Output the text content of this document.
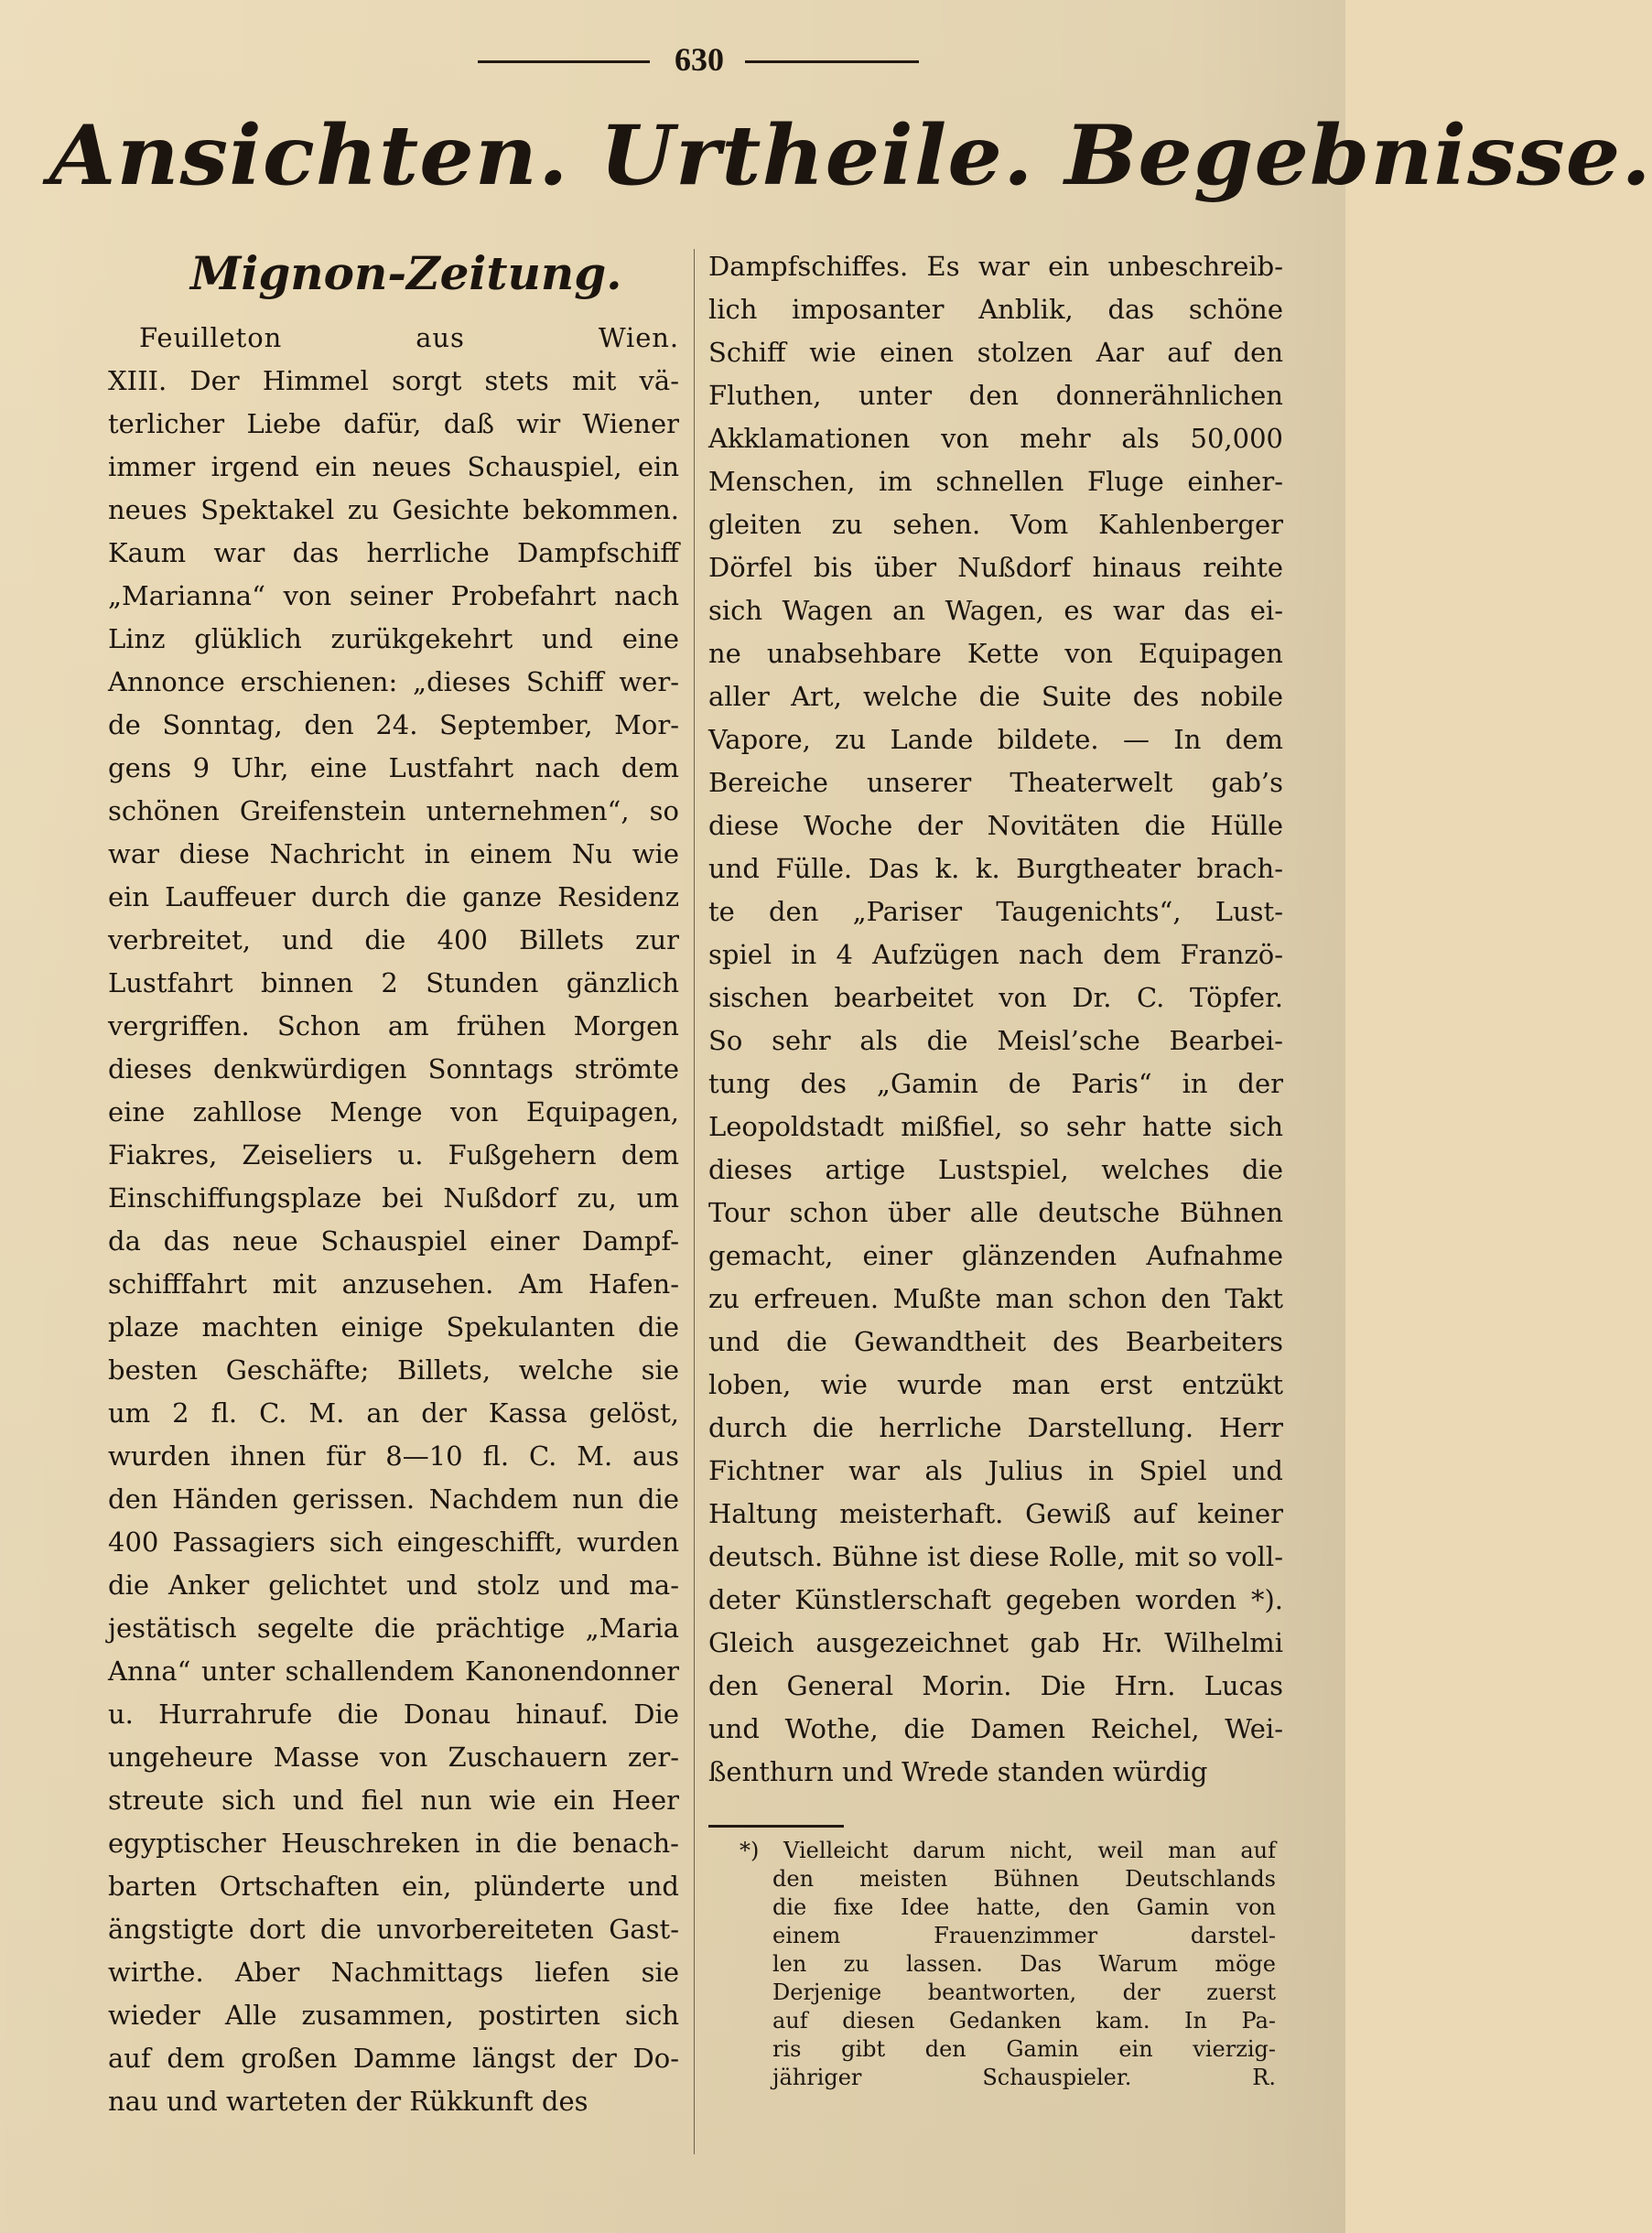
630
Ansichten. Urtheile. Begebnisse.
Mignon-Zeitung.
Feuilleton aus Wien.
XIII. Der Himmel sorgt stets mit vä-
terlicher Liebe dafür, daß wir Wiener
immer irgend ein neues Schauspiel, ein
neues Spektakel zu Gesichte bekommen.
Kaum war das herrliche Dampfschiff
„Marianna“ von seiner Probefahrt nach
Linz glüklich zurükgekehrt und eine
Annonce erschienen: „dieses Schiff wer-
de Sonntag, den 24. September, Mor-
gens 9 Uhr, eine Lustfahrt nach dem
schönen Greifenstein unternehmen“, so
war diese Nachricht in einem Nu wie
ein Lauffeuer durch die ganze Residenz
verbreitet, und die 400 Billets zur
Lustfahrt binnen 2 Stunden gänzlich
vergriffen. Schon am frühen Morgen
dieses denkwürdigen Sonntags strömte
eine zahllose Menge von Equipagen,
Fiakres, Zeiseliers u. Fußgehern dem
Einschiffungsplaze bei Nußdorf zu, um
da das neue Schauspiel einer Dampf-
schifffahrt mit anzusehen. Am Hafen-
plaze machten einige Spekulanten die
besten Geschäfte; Billets, welche sie
um 2 fl. C. M. an der Kassa gelöst,
wurden ihnen für 8—10 fl. C. M. aus
den Händen gerissen. Nachdem nun die
400 Passagiers sich eingeschifft, wurden
die Anker gelichtet und stolz und ma-
jestätisch segelte die prächtige „Maria
Anna“ unter schallendem Kanonendonner
u. Hurrahrufe die Donau hinauf. Die
ungeheure Masse von Zuschauern zer-
streute sich und fiel nun wie ein Heer
egyptischer Heuschreken in die benach-
barten Ortschaften ein, plünderte und
ängstigte dort die unvorbereiteten Gast-
wirthe. Aber Nachmittags liefen sie
wieder Alle zusammen, postirten sich
auf dem großen Damme längst der Do-
nau und warteten der Rükkunft des
Dampfschiffes. Es war ein unbeschreib-
lich imposanter Anblik, das schöne
Schiff wie einen stolzen Aar auf den
Fluthen, unter den donnerähnlichen
Akklamationen von mehr als 50,000
Menschen, im schnellen Fluge einher-
gleiten zu sehen. Vom Kahlenberger
Dörfel bis über Nußdorf hinaus reihte
sich Wagen an Wagen, es war das ei-
ne unabsehbare Kette von Equipagen
aller Art, welche die Suite des nobile
Vapore, zu Lande bildete. — In dem
Bereiche unserer Theaterwelt gab’s
diese Woche der Novitäten die Hülle
und Fülle. Das k. k. Burgtheater brach-
te den „Pariser Taugenichts“, Lust-
spiel in 4 Aufzügen nach dem Franzö-
sischen bearbeitet von Dr. C. Töpfer.
So sehr als die Meisl’sche Bearbei-
tung des „Gamin de Paris“ in der
Leopoldstadt mißfiel, so sehr hatte sich
dieses artige Lustspiel, welches die
Tour schon über alle deutsche Bühnen
gemacht, einer glänzenden Aufnahme
zu erfreuen. Mußte man schon den Takt
und die Gewandtheit des Bearbeiters
loben, wie wurde man erst entzükt
durch die herrliche Darstellung. Herr
Fichtner war als Julius in Spiel und
Haltung meisterhaft. Gewiß auf keiner
deutsch. Bühne ist diese Rolle, mit so voll-
deter Künstlerschaft gegeben worden *).
Gleich ausgezeichnet gab Hr. Wilhelmi
den General Morin. Die Hrn. Lucas
und Wothe, die Damen Reichel, Wei-
ßenthurn und Wrede standen würdig
*) Vielleicht darum nicht, weil man auf
den meisten Bühnen Deutschlands
die fixe Idee hatte, den Gamin von
einem Frauenzimmer darstel-
len zu lassen. Das Warum möge
Derjenige beantworten, der zuerst
auf diesen Gedanken kam. In Pa-
ris gibt den Gamin ein vierzig-
jähriger Schauspieler. R.
